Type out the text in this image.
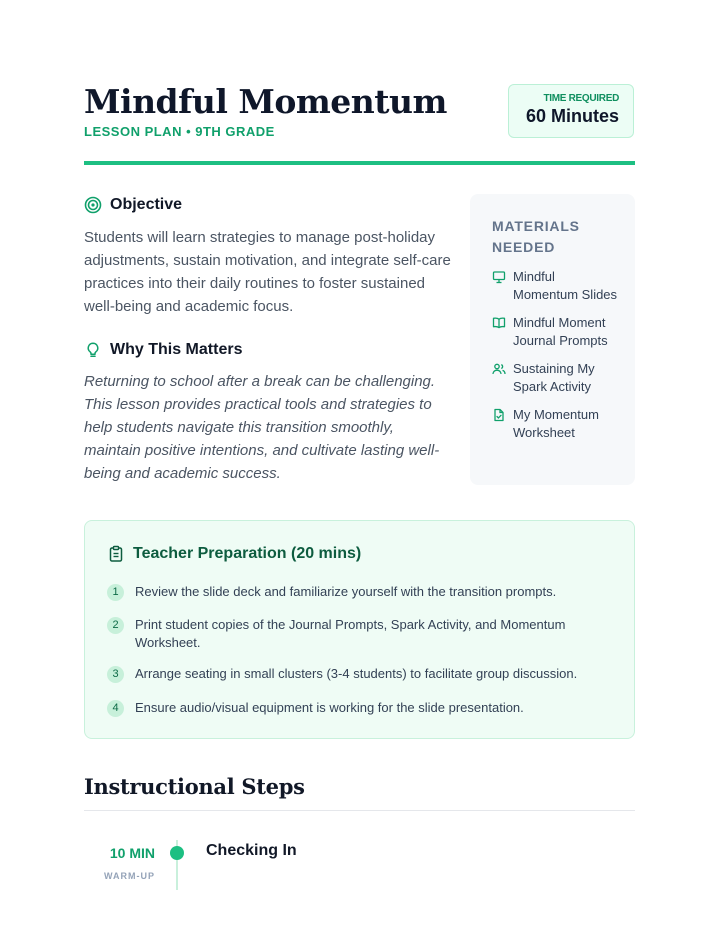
Mindful Momentum
LESSON PLAN • 9TH GRADE
TIME REQUIRED
60 Minutes
Objective
Students will learn strategies to manage post-holiday adjustments, sustain motivation, and integrate self-care practices into their daily routines to foster sustained well-being and academic focus.
Why This Matters
Returning to school after a break can be challenging. This lesson provides practical tools and strategies to help students navigate this transition smoothly, maintain positive intentions, and cultivate lasting well-being and academic success.
MATERIALS NEEDED
Mindful Momentum Slides
Mindful Moment Journal Prompts
Sustaining My Spark Activity
My Momentum Worksheet
Teacher Preparation (20 mins)
1	Review the slide deck and familiarize yourself with the transition prompts.
2	Print student copies of the Journal Prompts, Spark Activity, and Momentum Worksheet.
3	Arrange seating in small clusters (3-4 students) to facilitate group discussion.
4	Ensure audio/visual equipment is working for the slide presentation.
Instructional Steps
10 MIN
WARM-UP
Checking In
